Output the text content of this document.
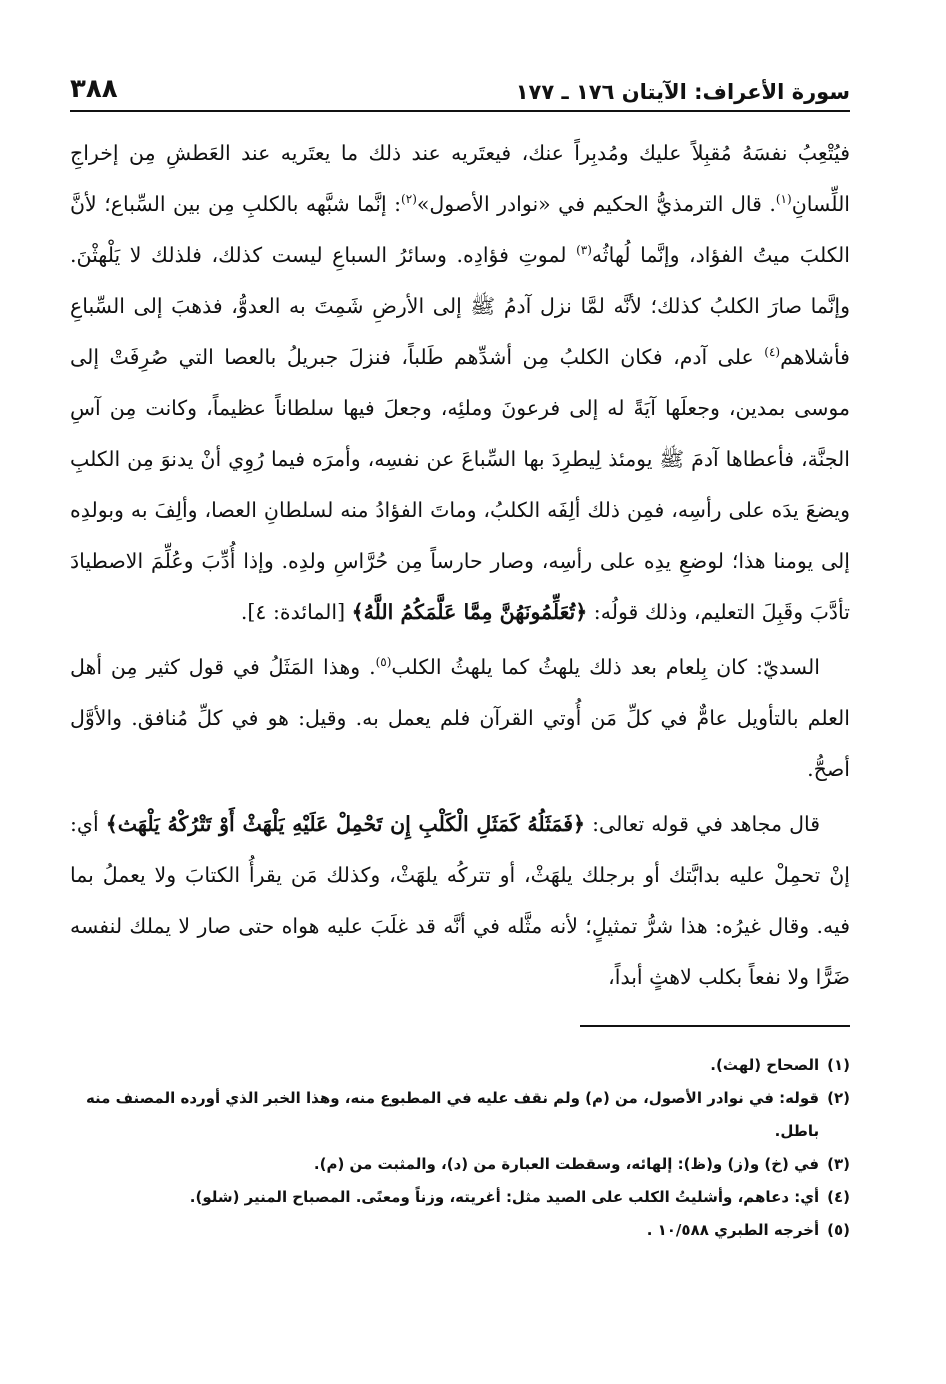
سورة الأعراف: الآيتان ١٧٦ ـ ١٧٧
٣٨٨

فيُتْعِبُ نفسَهُ مُقبِلاً عليك ومُدبِراً عنك، فيعتَريه عند ذلك ما يعتَريه عند العَطشِ مِن إخراجِ اللِّسانِ$^{(١)}$. قال الترمذيُّ الحكيم في «نوادر الأصول»$^{(٢)}$: إنَّما شبَّهه بالكلبِ مِن بين السِّباع؛ لأنَّ الكلبَ ميتُ الفؤاد، وإنَّما لُهاثُه$^{(٣)}$ لموتِ فؤادِه. وسائرُ السباعِ ليست كذلك، فلذلك لا يَلْهثْنَ. وإنَّما صارَ الكلبُ كذلك؛ لأنَّه لمَّا نزل آدمُ ﷺ إلى الأرضِ شَمِتَ به العدوُّ، فذهبَ إلى السِّباعِ فأشلاهم$^{(٤)}$ على آدم، فكان الكلبُ مِن أشدِّهم طَلباً، فنزلَ جبريلُ بالعصا التي صُرِفَتْ إلى موسى بمدين، وجعلَها آيَةً له إلى فرعونَ وملئِه، وجعلَ فيها سلطاناً عظيماً، وكانت مِن آسِ الجنَّة، فأعطاها آدمَ ﷺ يومئذ لِيطرِدَ بها السِّباعَ عن نفسِه، وأمرَه فيما رُوِي أنْ يدنوَ مِن الكلبِ ويضعَ يدَه على رأسِه، فمِن ذلك ألِفَه الكلبُ، وماتَ الفؤادُ منه لسلطانِ العصا، وألِفَ به وبولدِه إلى يومنا هذا؛ لوضعِ يدِه على رأسِه، وصار حارساً مِن حُرَّاسِ ولدِه. وإذا أُدِّبَ وعُلِّمَ الاصطيادَ تأدَّبَ وقَبِلَ التعليم، وذلك قولُه: ﴿تُعَلِّمُونَهُنَّ مِمَّا عَلَّمَكُمُ اللَّهُ﴾ [المائدة: ٤].

السديّ: كان بِلعام بعد ذلك يلهثُ كما يلهثُ الكلب$^{(٥)}$. وهذا المَثَلُ في قول كثير مِن أهل العلم بالتأويل عامٌّ في كلِّ مَن أُوتي القرآن فلم يعمل به. وقيل: هو في كلِّ مُنافق. والأوَّل أصحُّ.

قال مجاهد في قوله تعالى: ﴿فَمَثَلُهُ كَمَثَلِ الْكَلْبِ إِن تَحْمِلْ عَلَيْهِ يَلْهَثْ أَوْ تَتْرُكْهُ يَلْهَث﴾ أي: إنْ تحمِلْ عليه بدابَّتك أو برجلك يلهَثْ، أو تتركُه يلهَثْ، وكذلك مَن يقرأُ الكتابَ ولا يعملُ بما فيه. وقال غيرُه: هذا شرُّ تمثيلٍ؛ لأنه مثَّله في أنَّه قد غلَبَ عليه هواه حتى صار لا يملك لنفسه ضَرًّا ولا نفعاً بكلب لاهثٍ أبداً،

(١)
الصحاح (لهث).
(٢)
قوله: في نوادر الأصول، من (م) ولم نقف عليه في المطبوع منه، وهذا الخبر الذي أورده المصنف منه باطل.
(٣)
في (خ) و(ز) و(ظ): إلهائه، وسقطت العبارة من (د)، والمثبت من (م).
(٤)
أي: دعاهم، وأشليتُ الكلب على الصيد مثل: أغريته، وزناً ومعنًى. المصباح المنير (شلو).
(٥)
أخرجه الطبري ١٠/٥٨٨ .
